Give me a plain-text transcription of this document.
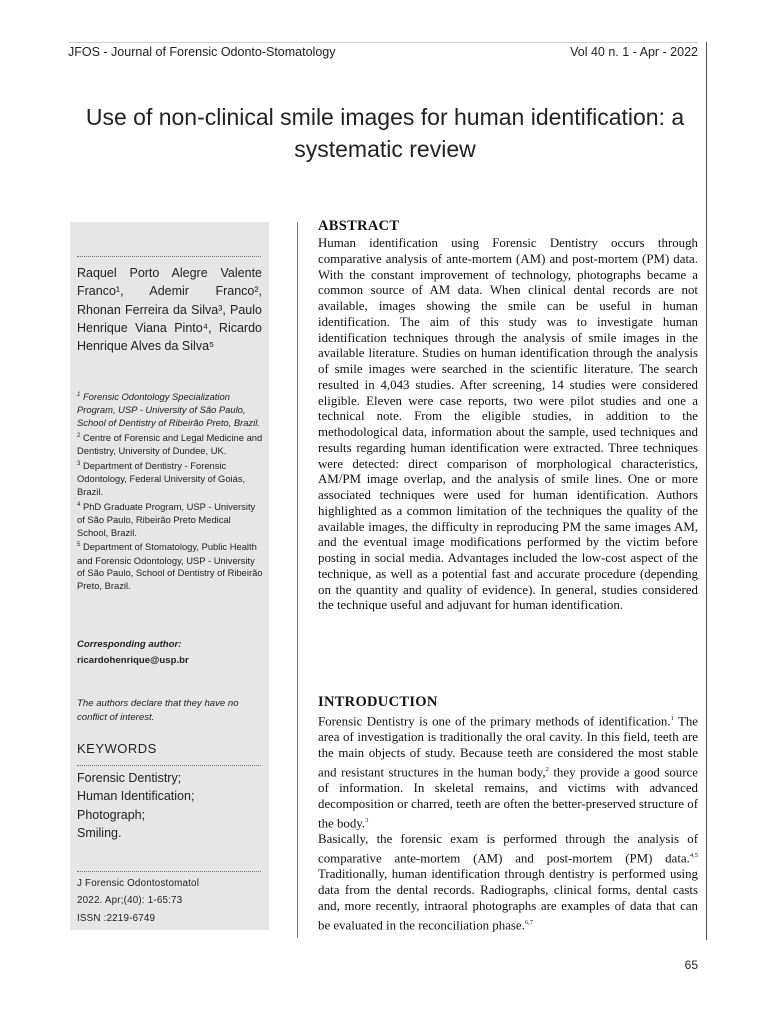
JFOS - Journal of Forensic Odonto-Stomatology	Vol 40 n. 1 - Apr - 2022
Use of non-clinical smile images for human identification: a systematic review

Raquel Porto Alegre Valente Franco¹, Ademir Franco², Rhonan Ferreira da Silva³, Paulo Henrique Viana Pinto⁴, Ricardo Henrique Alves da Silva⁵

$^1$ Forensic Odontology Specialization Program, USP - University of São Paulo, School of Dentistry of Ribeirão Preto, Brazil.
$^2$ Centre of Forensic and Legal Medicine and Dentistry, University of Dundee, UK.
$^3$ Department of Dentistry - Forensic Odontology, Federal University of Goiás, Brazil.
$^4$ PhD Graduate Program, USP - University of São Paulo, Ribeirão Preto Medical School, Brazil.
$^5$ Department of Stomatology, Public Health and Forensic Odontology, USP - University of São Paulo, School of Dentistry of Ribeirão Preto, Brazil.
Corresponding author:
ricardohenrique@usp.br
The authors declare that they have no conflict of interest.
KEYWORDS
Forensic Dentistry;
Human Identification;
Photograph;
Smiling.
J Forensic Odontostomatol
2022. Apr;(40): 1-65:73
ISSN :2219-6749
ABSTRACT

Human identification using Forensic Dentistry occurs through comparative analysis of ante-mortem (AM) and post-mortem (PM) data. With the constant improvement of technology, photographs became a common source of AM data. When clinical dental records are not available, images showing the smile can be useful in human identification. The aim of this study was to investigate human identification techniques through the analysis of smile images in the available literature. Studies on human identification through the analysis of smile images were searched in the scientific literature. The search resulted in 4,043 studies. After screening, 14 studies were considered eligible. Eleven were case reports, two were pilot studies and one a technical note. From the eligible studies, in addition to the methodological data, information about the sample, used techniques and results regarding human identification were extracted. Three techniques were detected: direct comparison of morphological characteristics, AM/PM image overlap, and the analysis of smile lines. One or more associated techniques were used for human identification. Authors highlighted as a common limitation of the techniques the quality of the available images, the difficulty in reproducing PM the same images AM, and the eventual image modifications performed by the victim before posting in social media. Advantages included the low-cost aspect of the technique, as well as a potential fast and accurate procedure (depending on the quantity and quality of evidence). In general, studies considered the technique useful and adjuvant for human identification.

INTRODUCTION

Forensic Dentistry is one of the primary methods of identification.$^1$ The area of investigation is traditionally the oral cavity. In this field, teeth are the main objects of study. Because teeth are considered the most stable and resistant structures in the human body,$^2$ they provide a good source of information. In skeletal remains, and victims with advanced decomposition or charred, teeth are often the better-preserved structure of the body.$^3$
Basically, the forensic exam is performed through the analysis of comparative ante-mortem (AM) and post-mortem (PM) data.$^{4,5}$ Traditionally, human identification through dentistry is performed using data from the dental records. Radiographs, clinical forms, dental casts and, more recently, intraoral photographs are examples of data that can be evaluated in the reconciliation phase.$^{6,7}$

65
